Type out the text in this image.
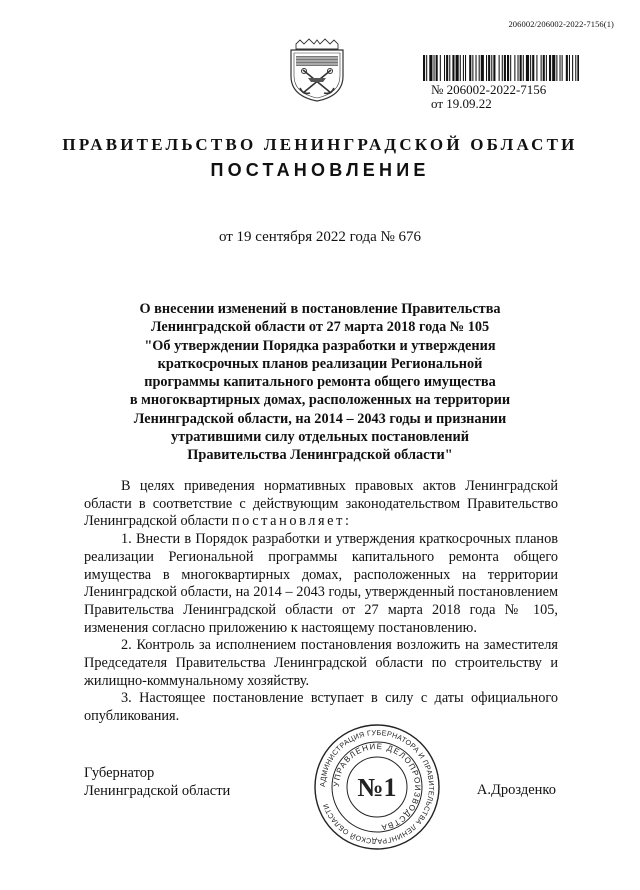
206002/206002-2022-7156(1)
№ 206002-2022-7156
от 19.09.22
ПРАВИТЕЛЬСТВО ЛЕНИНГРАДСКОЙ ОБЛАСТИ
ПОСТАНОВЛЕНИЕ
от 19 сентября 2022 года № 676
О внесении изменений в постановление Правительства
Ленинградской области от 27 марта 2018 года № 105
"Об утверждении Порядка разработки и утверждения
краткосрочных планов реализации Региональной
программы капитального ремонта общего имущества
в многоквартирных домах, расположенных на территории
Ленинградской области, на 2014 – 2043 годы и признании
утратившими силу отдельных постановлений
Правительства Ленинградской области"

В целях приведения нормативных правовых актов Ленинградской области в соответствие с действующим законодательством Правительство Ленинградской области постановляет:

1. Внести в Порядок разработки и утверждения краткосрочных планов реализации Региональной программы капитального ремонта общего имущества в многоквартирных домах, расположенных на территории Ленинградской области, на 2014 – 2043 годы, утвержденный постановлением Правительства Ленинградской области от 27 марта 2018 года № 105, изменения согласно приложению к настоящему постановлению.

2. Контроль за исполнением постановления возложить на заместителя Председателя Правительства Ленинградской области по строительству и жилищно-коммунальному хозяйству.

3. Настоящее постановление вступает в силу с даты официального опубликования.

Губернатор
Ленинградской области	А.Дрозденко
АДМИНИСТРАЦИЯ ГУБЕРНАТОРА И ПРАВИТЕЛЬСТВА ЛЕНИНГРАДСКОЙ ОБЛАСТИ
УПРАВЛЕНИЕ ДЕЛОПРОИЗВОДСТВА
№1
